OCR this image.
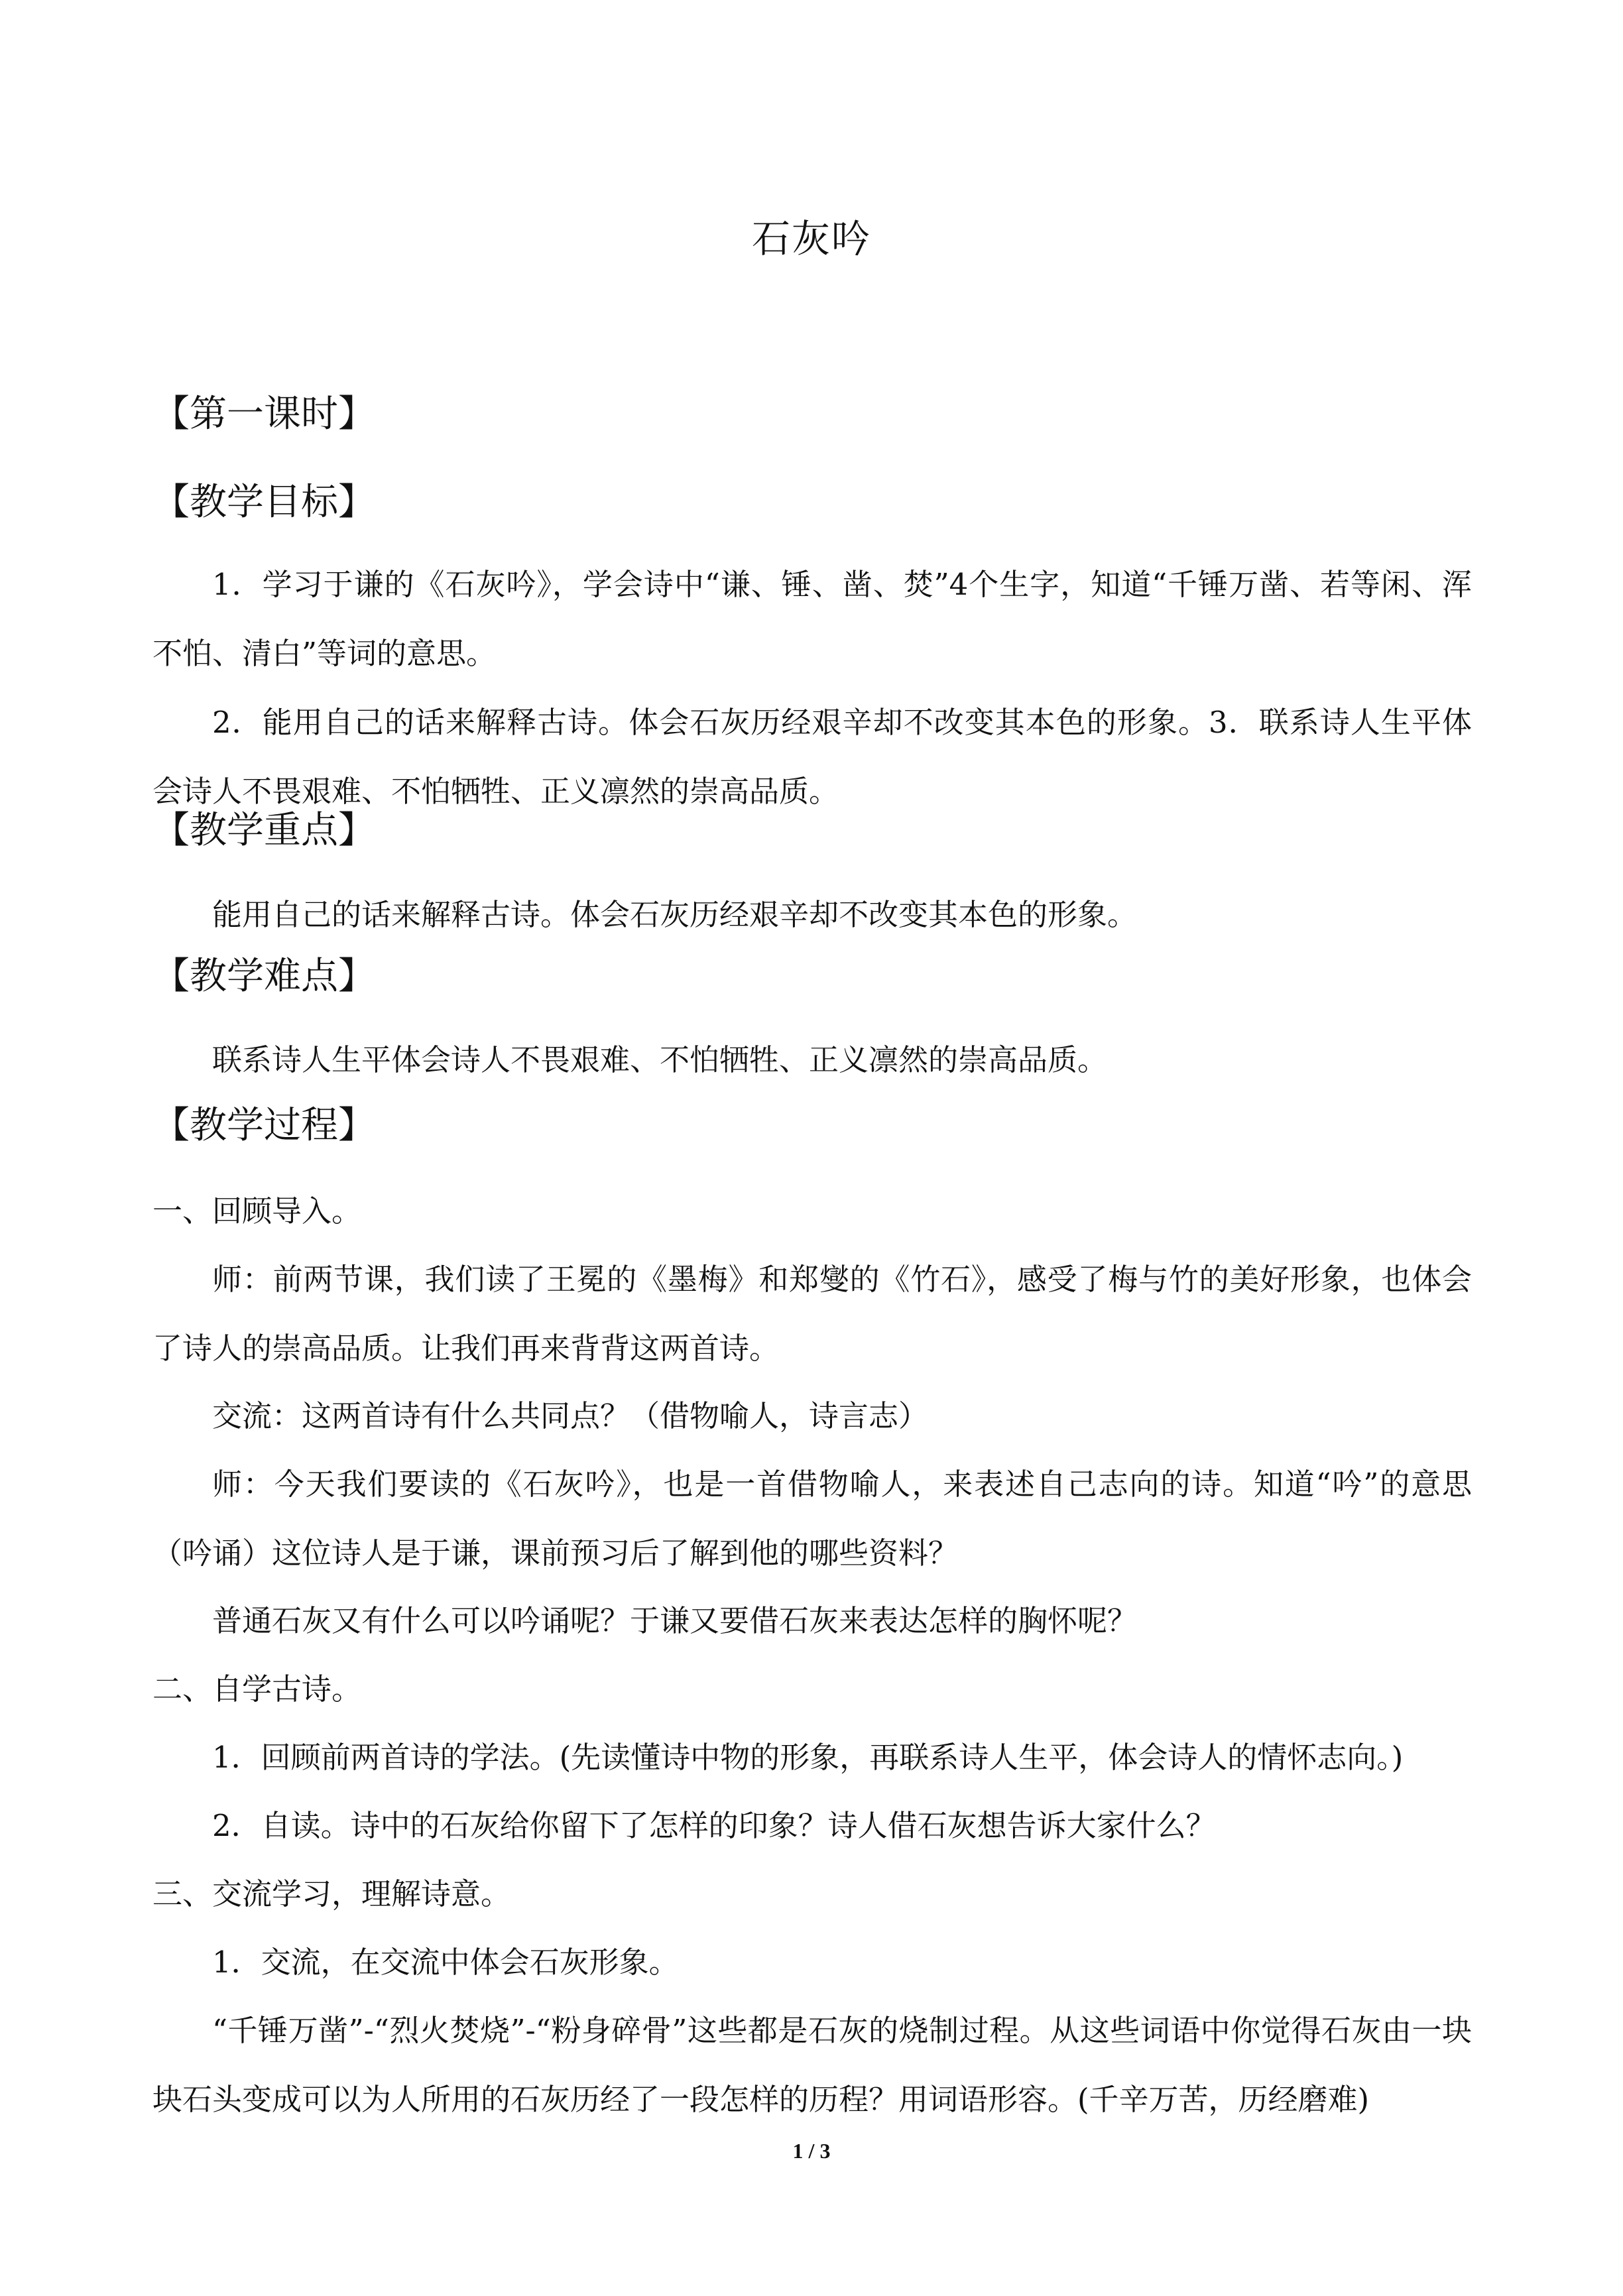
石灰吟
【第一课时】
【教学目标】
1．学习于谦的《石灰吟》，学会诗中“谦、锤、凿、焚”4个生字，知道“千锤万凿、若等闲、浑不怕、清白”等词的意思。
2．能用自己的话来解释古诗。体会石灰历经艰辛却不改变其本色的形象。3．联系诗人生平体会诗人不畏艰难、不怕牺牲、正义凛然的崇高品质。
【教学重点】
能用自己的话来解释古诗。体会石灰历经艰辛却不改变其本色的形象。
【教学难点】
联系诗人生平体会诗人不畏艰难、不怕牺牲、正义凛然的崇高品质。
【教学过程】
一、回顾导入。
师：前两节课，我们读了王冕的《墨梅》和郑燮的《竹石》，感受了梅与竹的美好形象，也体会了诗人的崇高品质。让我们再来背背这两首诗。
交流：这两首诗有什么共同点？（借物喻人，诗言志）
师：今天我们要读的《石灰吟》，也是一首借物喻人，来表述自己志向的诗。知道“吟”的意思（吟诵）这位诗人是于谦，课前预习后了解到他的哪些资料？
普通石灰又有什么可以吟诵呢？于谦又要借石灰来表达怎样的胸怀呢？
二、自学古诗。
1．回顾前两首诗的学法。(先读懂诗中物的形象，再联系诗人生平，体会诗人的情怀志向。)
2．自读。诗中的石灰给你留下了怎样的印象？诗人借石灰想告诉大家什么？
三、交流学习，理解诗意。
1．交流，在交流中体会石灰形象。
“千锤万凿”-“烈火焚烧”-“粉身碎骨”这些都是石灰的烧制过程。从这些词语中你觉得石灰由一块块石头变成可以为人所用的石灰历经了一段怎样的历程？用词语形容。(千辛万苦，历经磨难)
1 / 3
